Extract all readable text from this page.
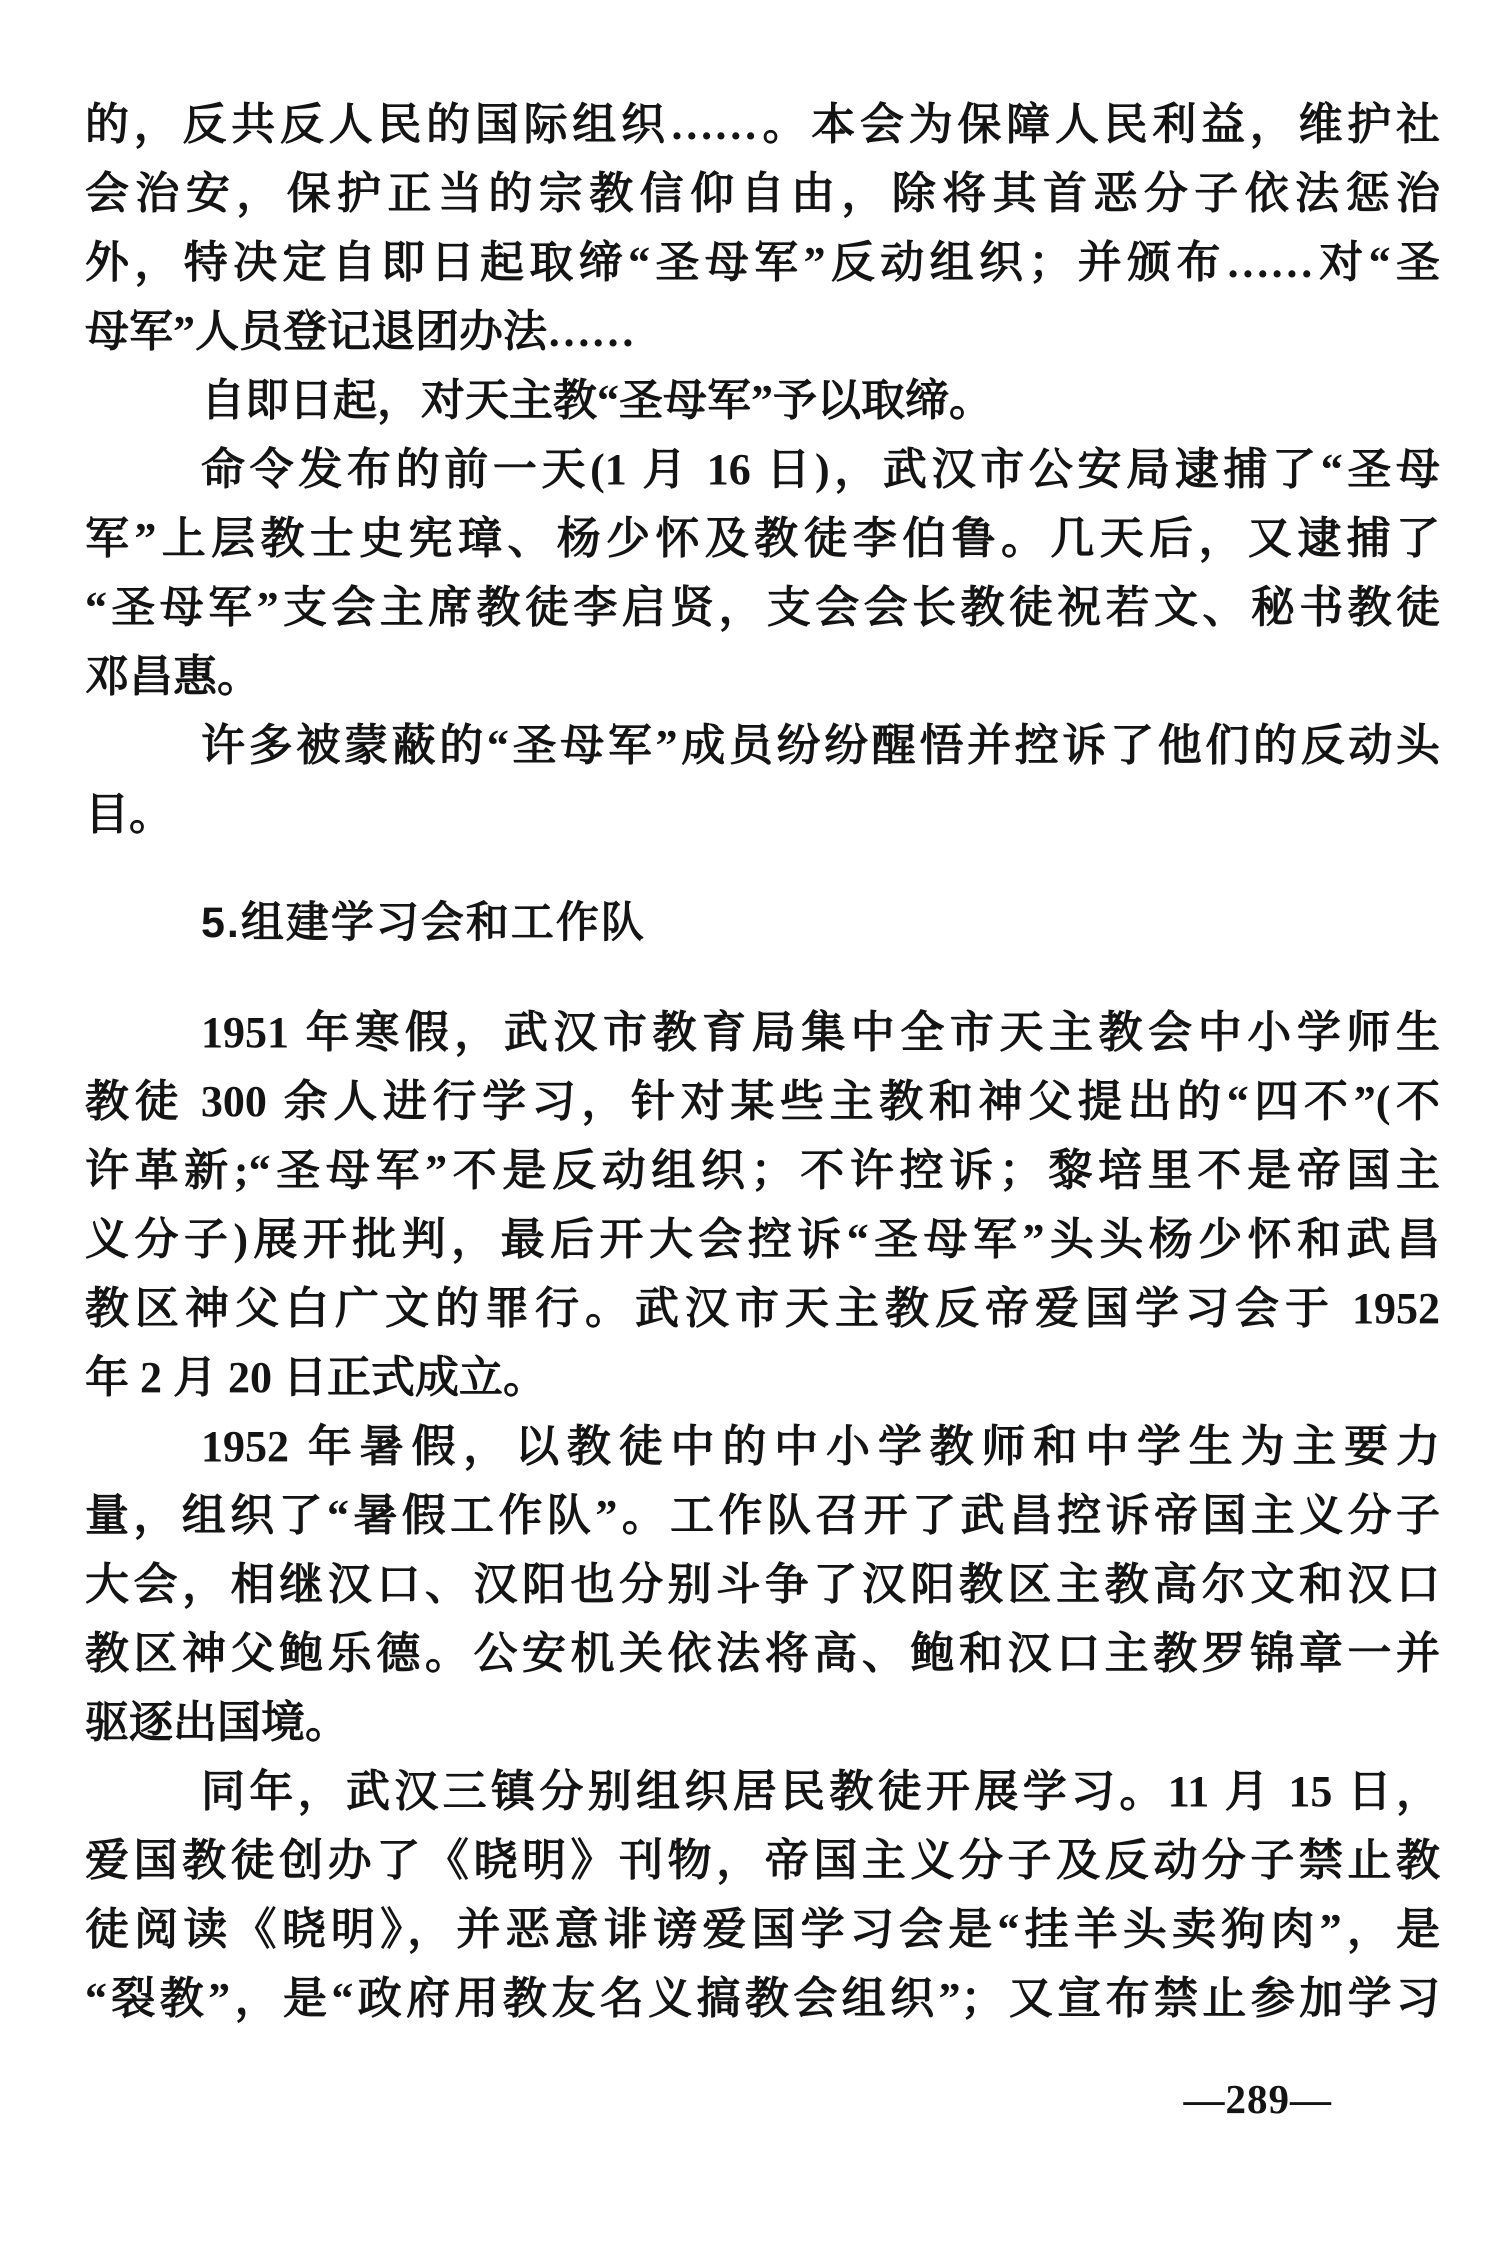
的，反共反人民的国际组织……。本会为保障人民利益，维护社
会治安，保护正当的宗教信仰自由，除将其首恶分子依法惩治
外，特决定自即日起取缔“圣母军”反动组织；并颁布……对“圣
母军”人员登记退团办法……
自即日起，对天主教“圣母军”予以取缔。
命令发布的前一天(1 月 16 日)，武汉市公安局逮捕了“圣母
军”上层教士史宪璋、杨少怀及教徒李伯鲁。几天后，又逮捕了
“圣母军”支会主席教徒李启贤，支会会长教徒祝若文、秘书教徒
邓昌惠。
许多被蒙蔽的“圣母军”成员纷纷醒悟并控诉了他们的反动头
目。
5.组建学习会和工作队
1951 年寒假，武汉市教育局集中全市天主教会中小学师生
教徒 300 余人进行学习，针对某些主教和神父提出的“四不”(不
许革新;“圣母军”不是反动组织；不许控诉；黎培里不是帝国主
义分子)展开批判，最后开大会控诉“圣母军”头头杨少怀和武昌
教区神父白广文的罪行。武汉市天主教反帝爱国学习会于 1952
年 2 月 20 日正式成立。
1952 年暑假，以教徒中的中小学教师和中学生为主要力
量，组织了“暑假工作队”。工作队召开了武昌控诉帝国主义分子
大会，相继汉口、汉阳也分别斗争了汉阳教区主教高尔文和汉口
教区神父鲍乐德。公安机关依法将高、鲍和汉口主教罗锦章一并
驱逐出国境。
同年，武汉三镇分别组织居民教徒开展学习。11 月 15 日，
爱国教徒创办了《晓明》刊物，帝国主义分子及反动分子禁止教
徒阅读《晓明》，并恶意诽谤爱国学习会是“挂羊头卖狗肉”，是
“裂教”，是“政府用教友名义搞教会组织”；又宣布禁止参加学习
—289—
